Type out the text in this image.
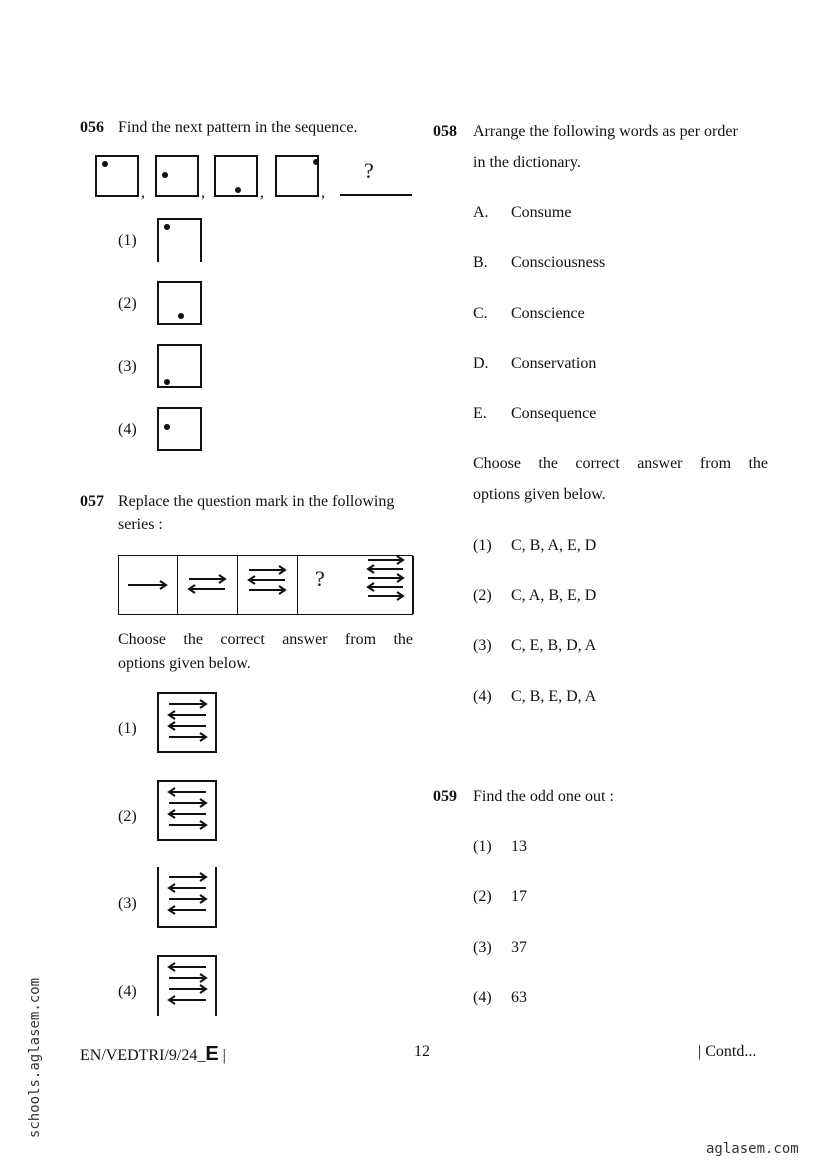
056 Find the next pattern in the sequence.
,	,	,	,
?
(1)
(2)
(3)
(4)
057 Replace the question mark in the following
series :
?
Choose the correct answer from the
options given below.
(1)
(2)
(3)
(4)
058 Arrange the following words as per order
in the dictionary.
A. Consume
B. Consciousness
C. Conscience
D. Conservation
E. Consequence
Choose the correct answer from the
options given below.
(1) C, B, A, E, D
(2) C, A, B, E, D
(3) C, E, B, D, A
(4) C, B, E, D, A
059 Find the odd one out :
(1) 13
(2) 17
(3) 37
(4) 63
EN/VEDTRI/9/24_E |	12	| Contd...
schools.aglasem.com
aglasem.com
